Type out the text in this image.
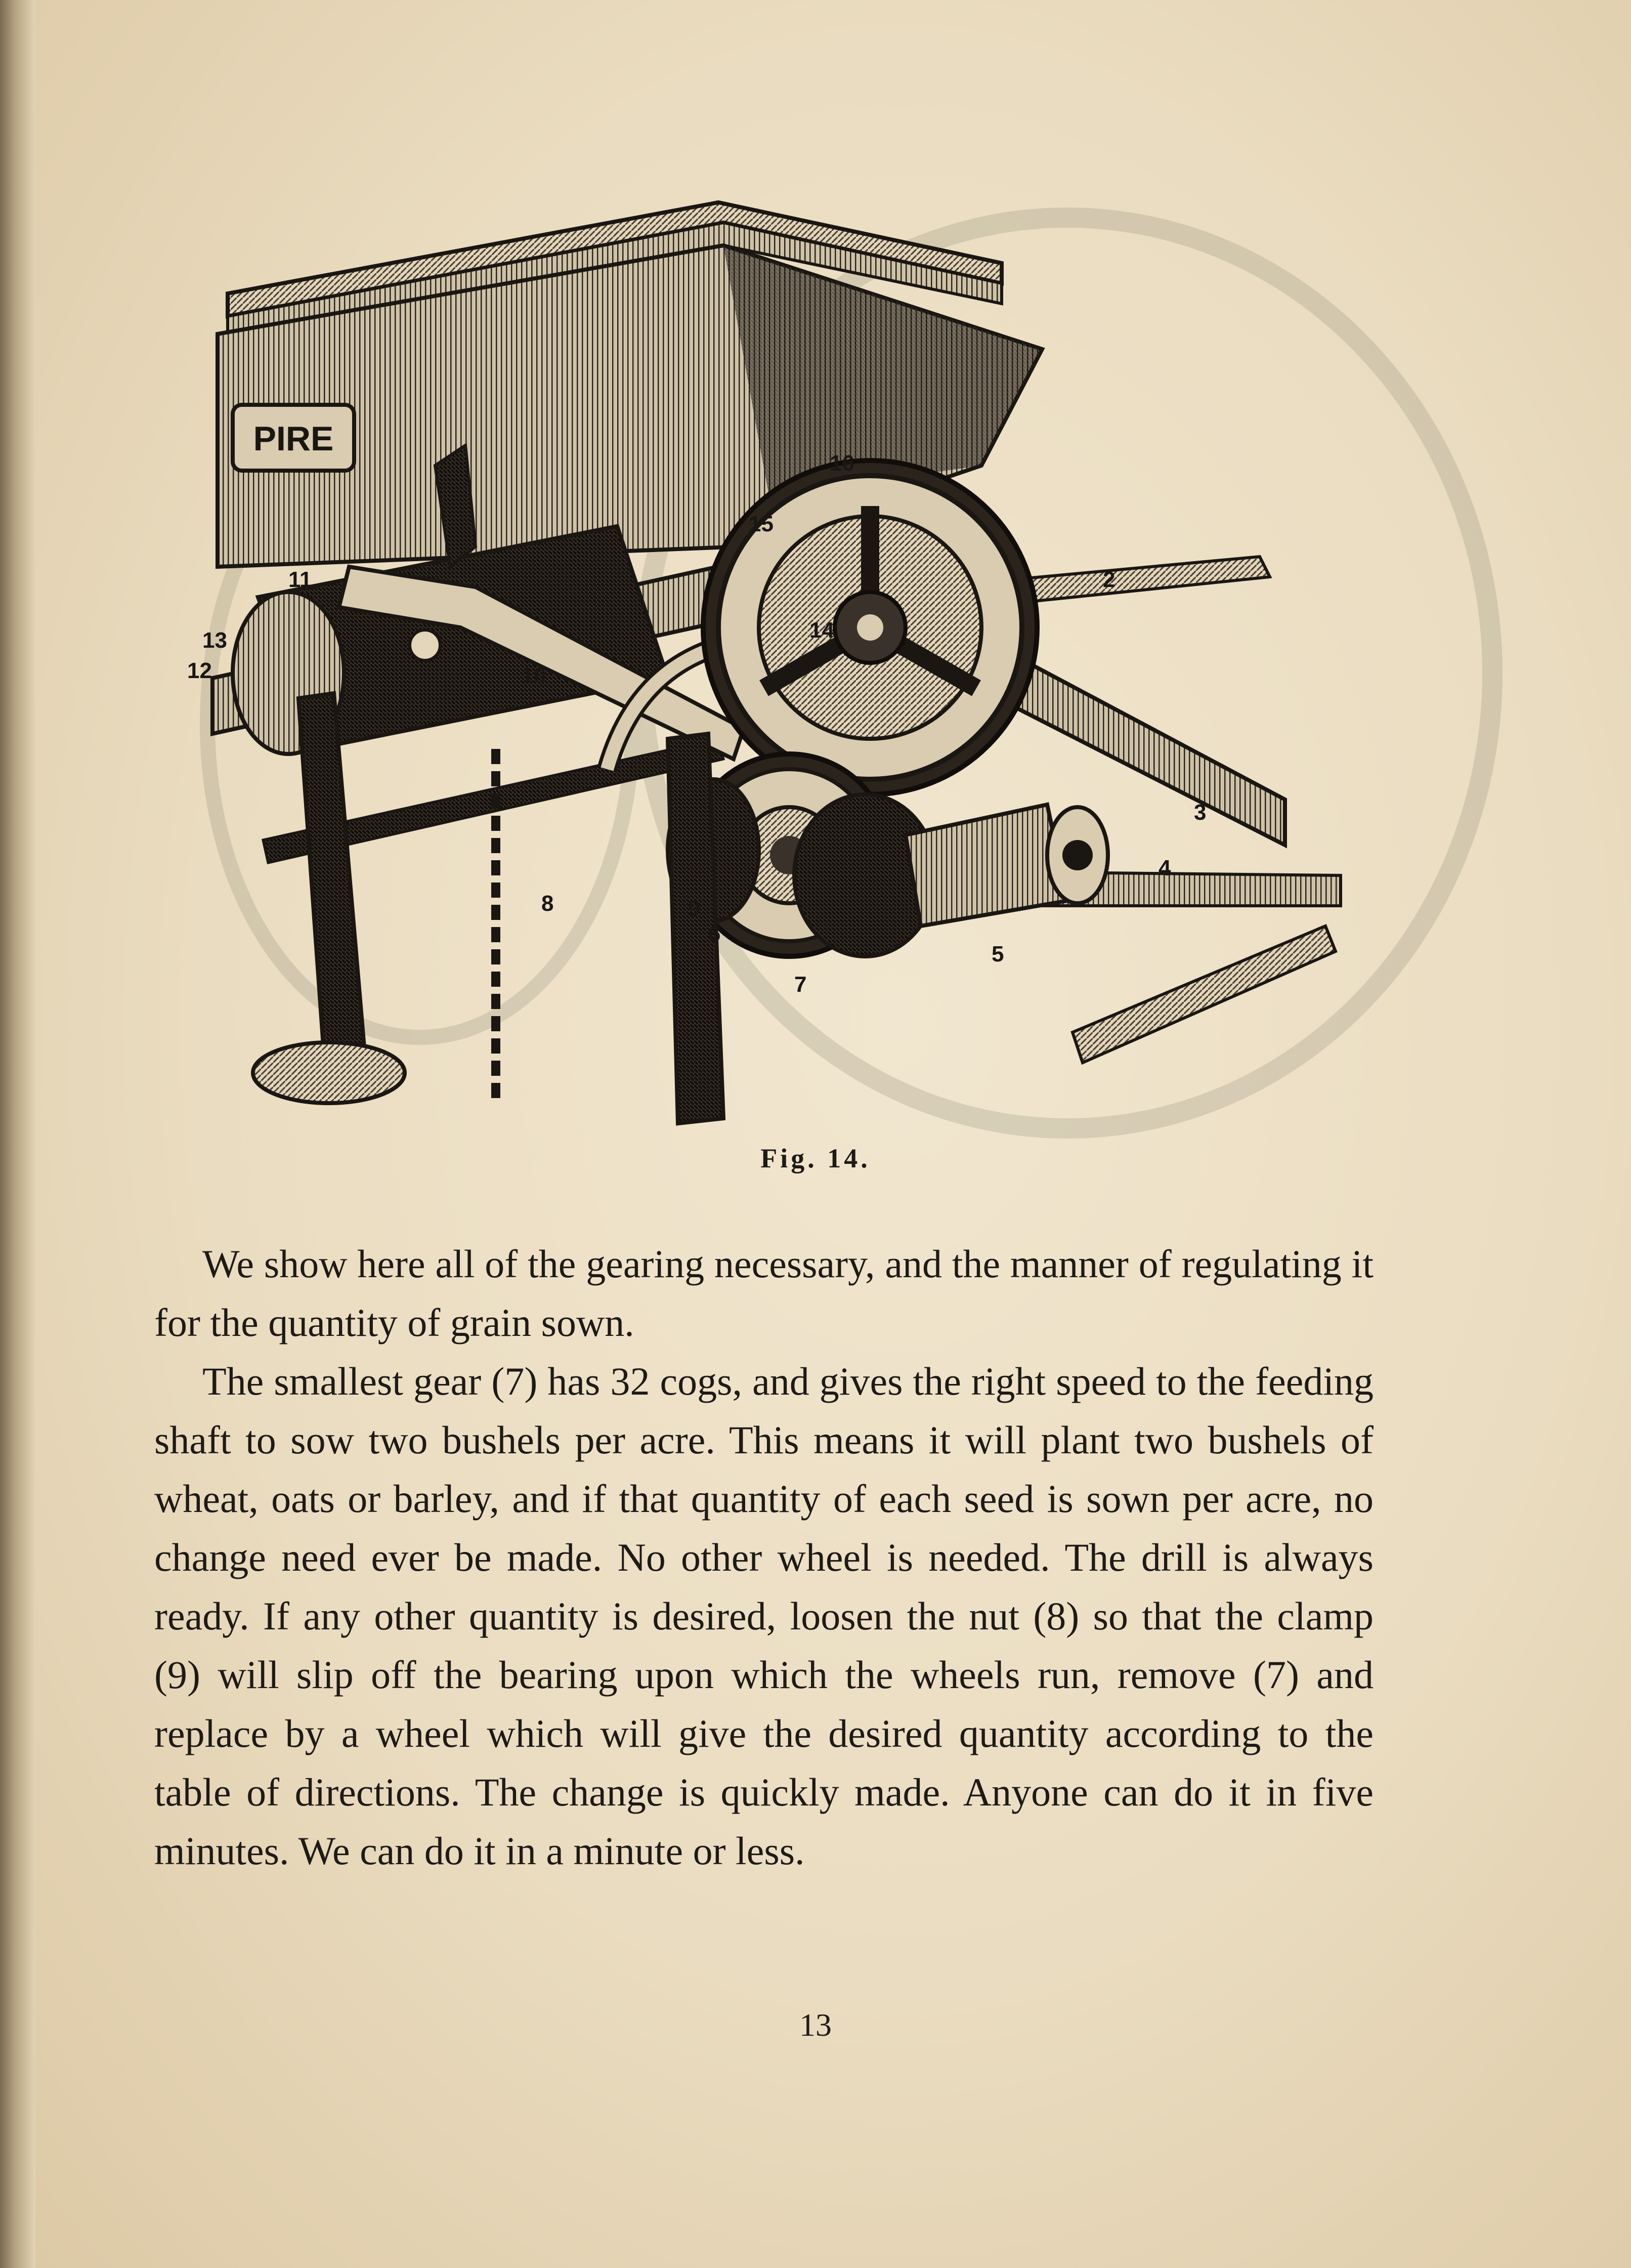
PIRE
2
3
4
5
6
7
8	9
10
11
12
13	14
15
16
Fig. 14.

We show here all of the gearing necessary, and the manner of regulating it for the quantity of grain sown.

The smallest gear (7) has 32 cogs, and gives the right speed to the feeding shaft to sow two bushels per acre. This means it will plant two bushels of wheat, oats or barley, and if that quantity of each seed is sown per acre, no change need ever be made. No other wheel is needed. The drill is always ready. If any other quantity is desired, loosen the nut (8) so that the clamp (9) will slip off the bearing upon which the wheels run, remove (7) and replace by a wheel which will give the desired quantity according to the table of directions. The change is quickly made. Anyone can do it in five minutes. We can do it in a minute or less.

13
